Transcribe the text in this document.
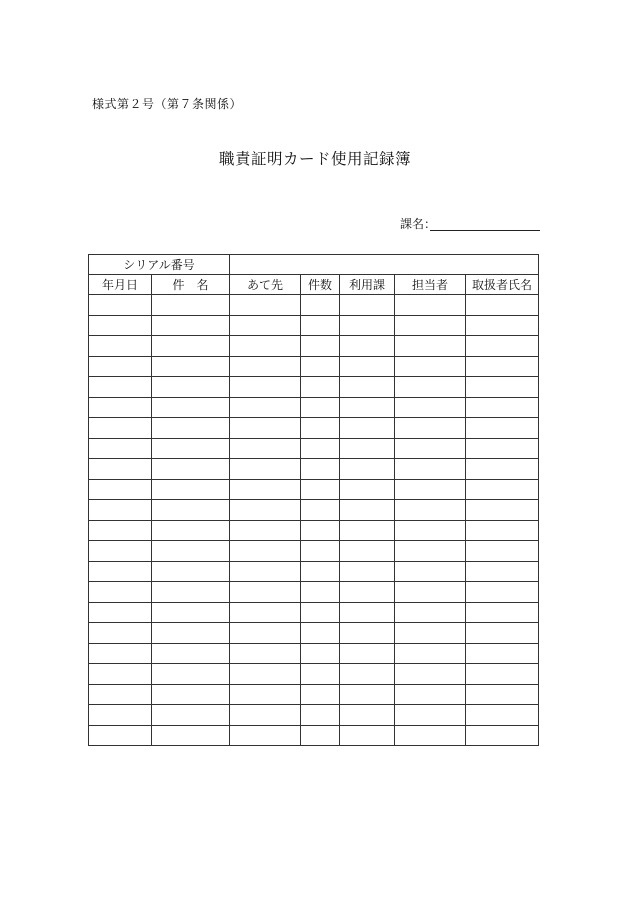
様式第２号（第７条関係）
職責証明カード使用記録簿
課名：
シリアル番号						
年月日	件　名	あて先	件数	利用課	担当者	取扱者氏名
